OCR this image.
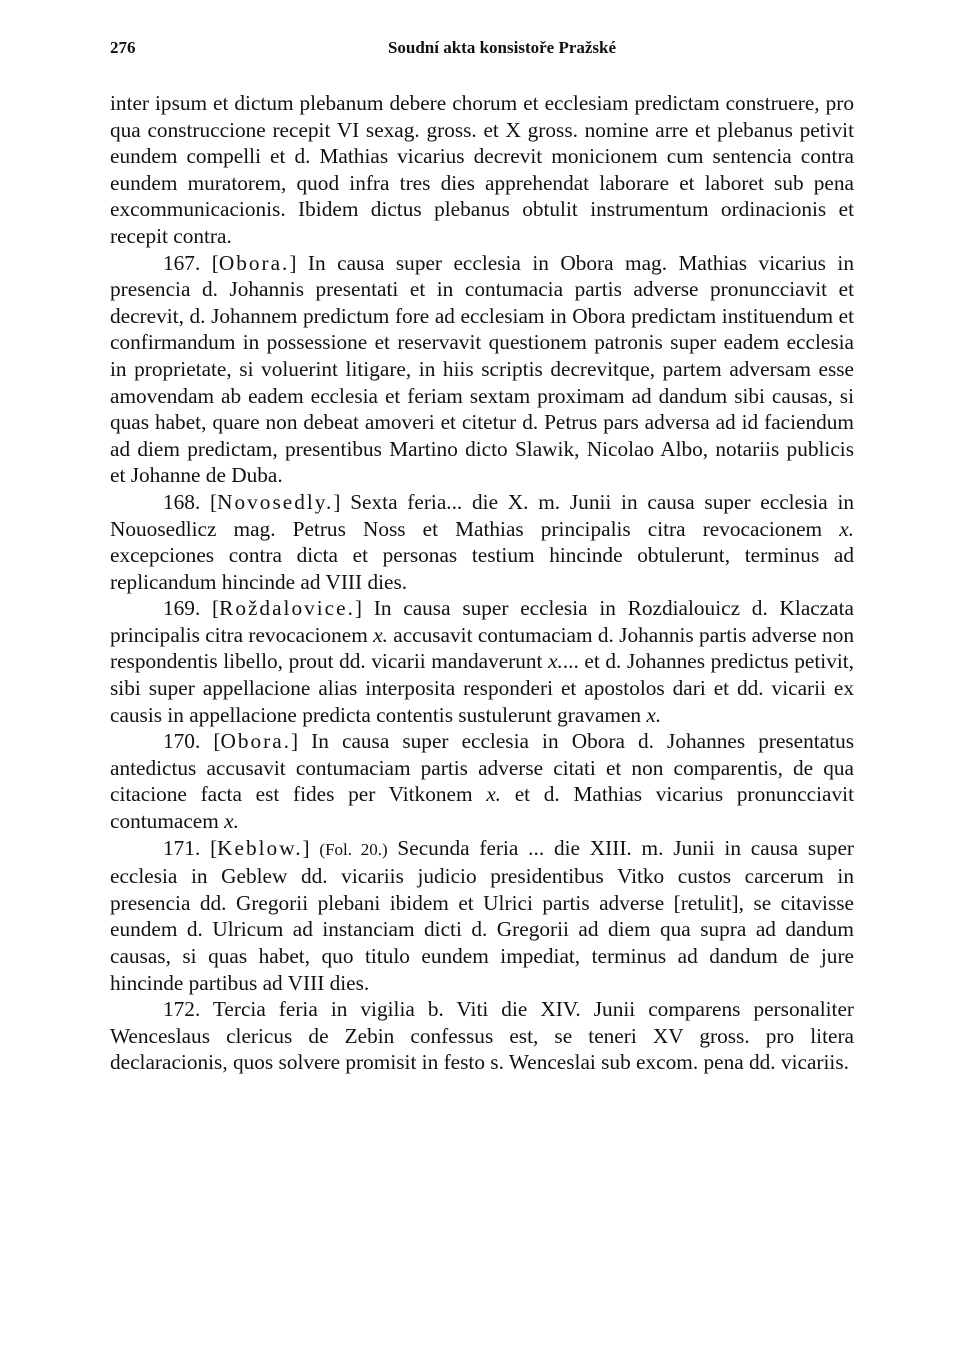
276	Soudní akta konsistoře Pražské

inter ipsum et dictum plebanum debere chorum et ecclesiam predictam construere, pro qua construccione recepit VI sexag. gross. et X gross. nomine arre et plebanus petivit eundem compelli et d. Mathias vicarius decrevit monicionem cum sentencia contra eundem muratorem, quod infra tres dies apprehendat laborare et laboret sub pena excommunicacionis. Ibidem dictus plebanus obtulit instrumentum ordinacionis et recepit contra.

167. [Obora.] In causa super ecclesia in Obora mag. Mathias vicarius in presencia d. Johannis presentati et in contumacia partis adverse pronuncciavit et decrevit, d. Johannem predictum fore ad ecclesiam in Obora predictam instituendum et confirmandum in possessione et reservavit questionem patronis super eadem ecclesia in proprietate, si voluerint litigare, in hiis scriptis decrevitque, partem adversam esse amovendam ab eadem ecclesia et feriam sextam proximam ad dandum sibi causas, si quas habet, quare non debeat amoveri et citetur d. Petrus pars adversa ad id faciendum ad diem predictam, presentibus Martino dicto Slawik, Nicolao Albo, notariis publicis et Johanne de Duba.

168. [Novosedly.] Sexta feria... die X. m. Junii in causa super ecclesia in Nouosedlicz mag. Petrus Noss et Mathias principalis citra revocacionem x. excepciones contra dicta et personas testium hincinde obtulerunt, terminus ad replicandum hincinde ad VIII dies.

169. [Roždalovice.] In causa super ecclesia in Rozdialouicz d. Klaczata principalis citra revocacionem x. accusavit contumaciam d. Johannis partis adverse non respondentis libello, prout dd. vicarii mandaverunt x.... et d. Johannes predictus petivit, sibi super appellacione alias interposita responderi et apostolos dari et dd. vicarii ex causis in appellacione predicta contentis sustulerunt gravamen x.

170. [Obora.] In causa super ecclesia in Obora d. Johannes presentatus antedictus accusavit contumaciam partis adverse citati et non comparentis, de qua citacione facta est fides per Vitkonem x. et d. Mathias vicarius pronuncciavit contumacem x.

171. [Keblow.] (Fol. 20.) Secunda feria ... die XIII. m. Junii in causa super ecclesia in Geblew dd. vicariis judicio presidentibus Vitko custos carcerum in presencia dd. Gregorii plebani ibidem et Ulrici partis adverse [retulit], se citavisse eundem d. Ulricum ad instanciam dicti d. Gregorii ad diem qua supra ad dandum causas, si quas habet, quo titulo eundem impediat, terminus ad dandum de jure hincinde partibus ad VIII dies.

172. Tercia feria in vigilia b. Viti die XIV. Junii comparens personaliter Wenceslaus clericus de Zebin confessus est, se teneri XV gross. pro litera declaracionis, quos solvere promisit in festo s. Wenceslai sub excom. pena dd. vicariis.
